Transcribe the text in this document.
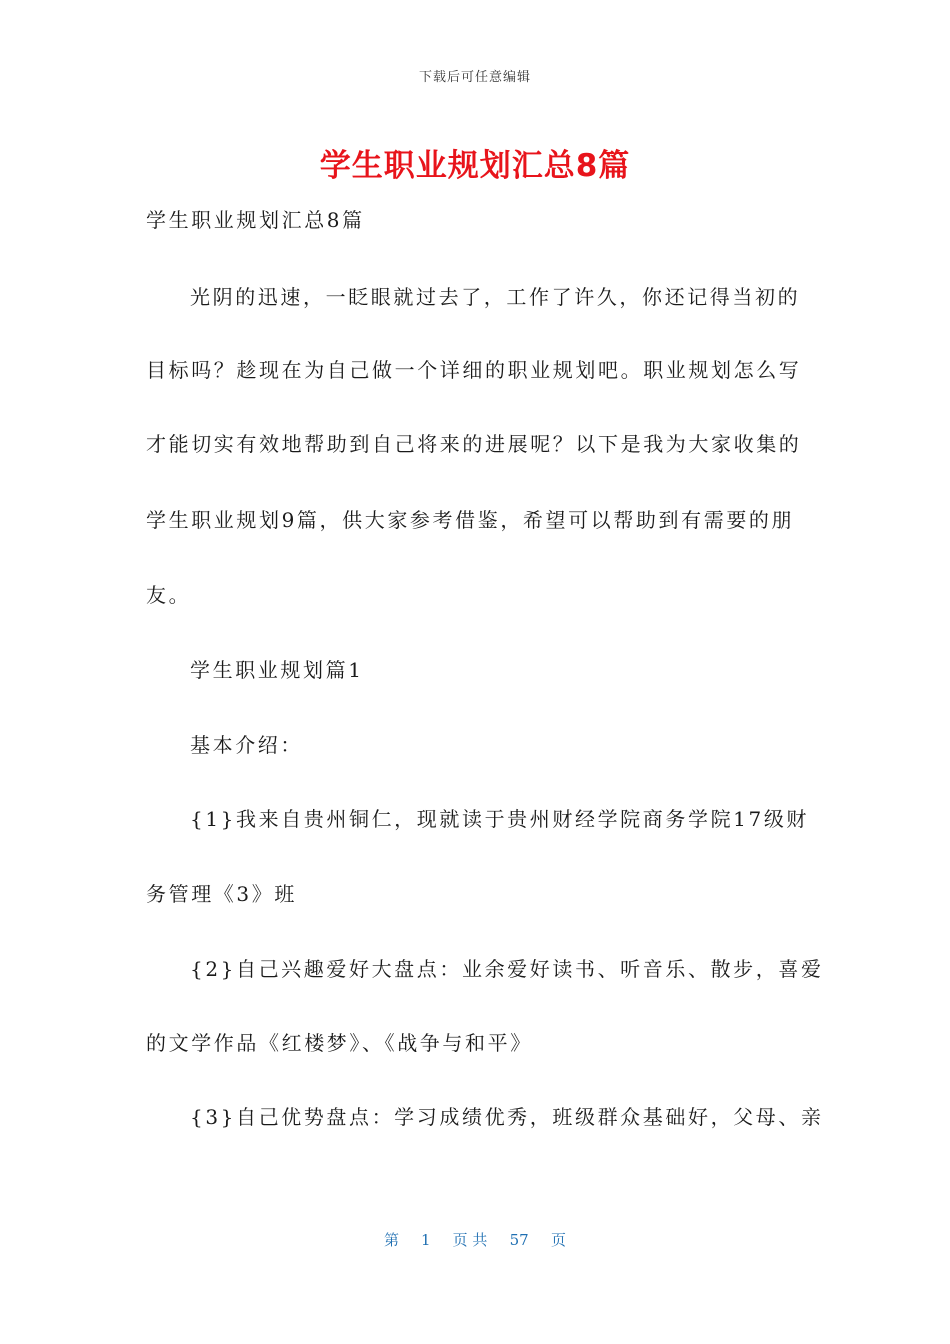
下载后可任意编辑
学生职业规划汇总8篇
学生职业规划汇总8篇
光阴的迅速，一眨眼就过去了，工作了许久，你还记得当初的
目标吗？趁现在为自己做一个详细的职业规划吧。职业规划怎么写
才能切实有效地帮助到自己将来的进展呢？以下是我为大家收集的
学生职业规划9篇，供大家参考借鉴，希望可以帮助到有需要的朋
友。
学生职业规划篇1
基本介绍：
{1}我来自贵州铜仁，现就读于贵州财经学院商务学院17级财
务管理《3》班
{2}自己兴趣爱好大盘点：业余爱好读书、听音乐、散步，喜爱
的文学作品《红楼梦》、《战争与和平》
{3}自己优势盘点：学习成绩优秀，班级群众基础好，父母、亲
第 1 页 共 57 页
